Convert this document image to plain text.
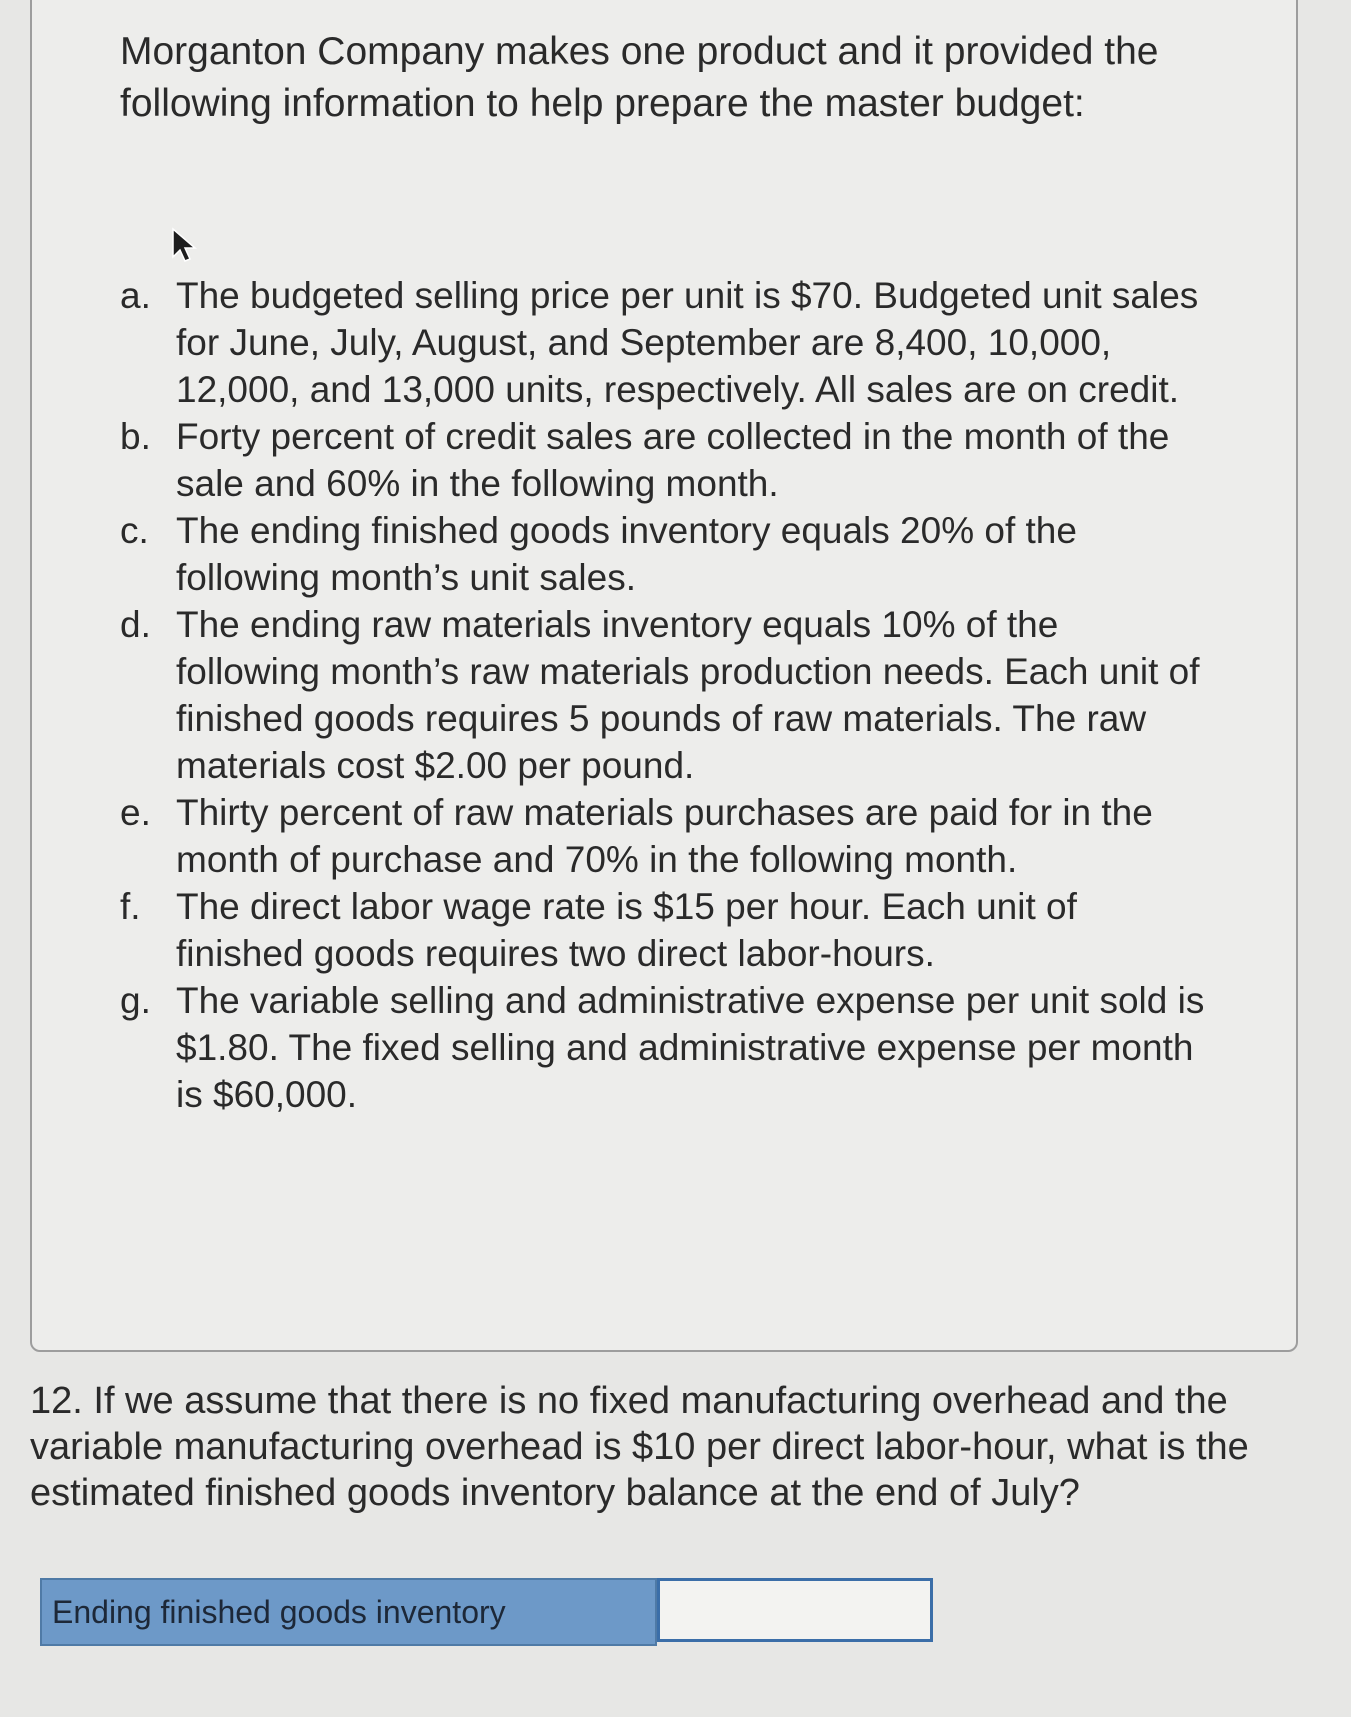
Morganton Company makes one product and it provided the following information to help prepare the master budget:

a. The budgeted selling price per unit is $70. Budgeted unit sales for June, July, August, and September are 8,400, 10,000, 12,000, and 13,000 units, respectively. All sales are on credit.
b. Forty percent of credit sales are collected in the month of the sale and 60% in the following month.
c. The ending finished goods inventory equals 20% of the following month’s unit sales.
d. The ending raw materials inventory equals 10% of the following month’s raw materials production needs. Each unit of finished goods requires 5 pounds of raw materials. The raw materials cost $2.00 per pound.
e. Thirty percent of raw materials purchases are paid for in the month of purchase and 70% in the following month.
f. The direct labor wage rate is $15 per hour. Each unit of finished goods requires two direct labor-hours.
g. The variable selling and administrative expense per unit sold is $1.80. The fixed selling and administrative expense per month is $60,000.

12. If we assume that there is no fixed manufacturing overhead and the variable manufacturing overhead is $10 per direct labor-hour, what is the estimated finished goods inventory balance at the end of July?

Ending finished goods inventory
